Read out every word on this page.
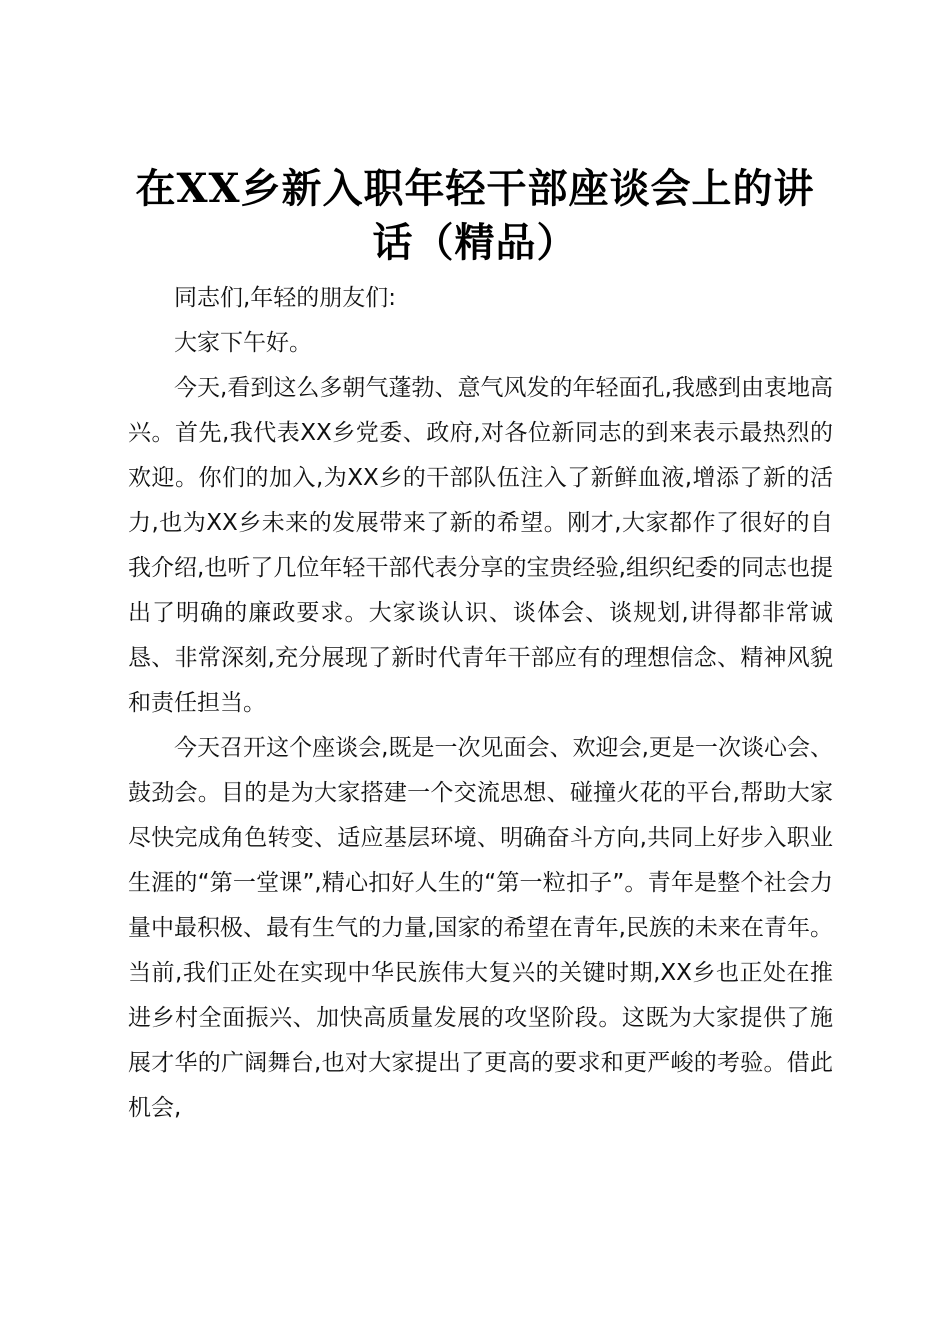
在XX乡新入职年轻干部座谈会上的讲话（精品）

同志们,年轻的朋友们:

大家下午好。

今天,看到这么多朝气蓬勃、意气风发的年轻面孔,我感到由衷地高兴。首先,我代表XX乡党委、政府,对各位新同志的到来表示最热烈的欢迎。你们的加入,为XX乡的干部队伍注入了新鲜血液,增添了新的活力,也为XX乡未来的发展带来了新的希望。刚才,大家都作了很好的自我介绍,也听了几位年轻干部代表分享的宝贵经验,组织纪委的同志也提出了明确的廉政要求。大家谈认识、谈体会、谈规划,讲得都非常诚恳、非常深刻,充分展现了新时代青年干部应有的理想信念、精神风貌和责任担当。

今天召开这个座谈会,既是一次见面会、欢迎会,更是一次谈心会、鼓劲会。目的是为大家搭建一个交流思想、碰撞火花的平台,帮助大家尽快完成角色转变、适应基层环境、明确奋斗方向,共同上好步入职业生涯的“第一堂课”,精心扣好人生的“第一粒扣子”。青年是整个社会力量中最积极、最有生气的力量,国家的希望在青年,民族的未来在青年。当前,我们正处在实现中华民族伟大复兴的关键时期,XX乡也正处在推进乡村全面振兴、加快高质量发展的攻坚阶段。这既为大家提供了施展才华的广阔舞台,也对大家提出了更高的要求和更严峻的考验。借此机会,
